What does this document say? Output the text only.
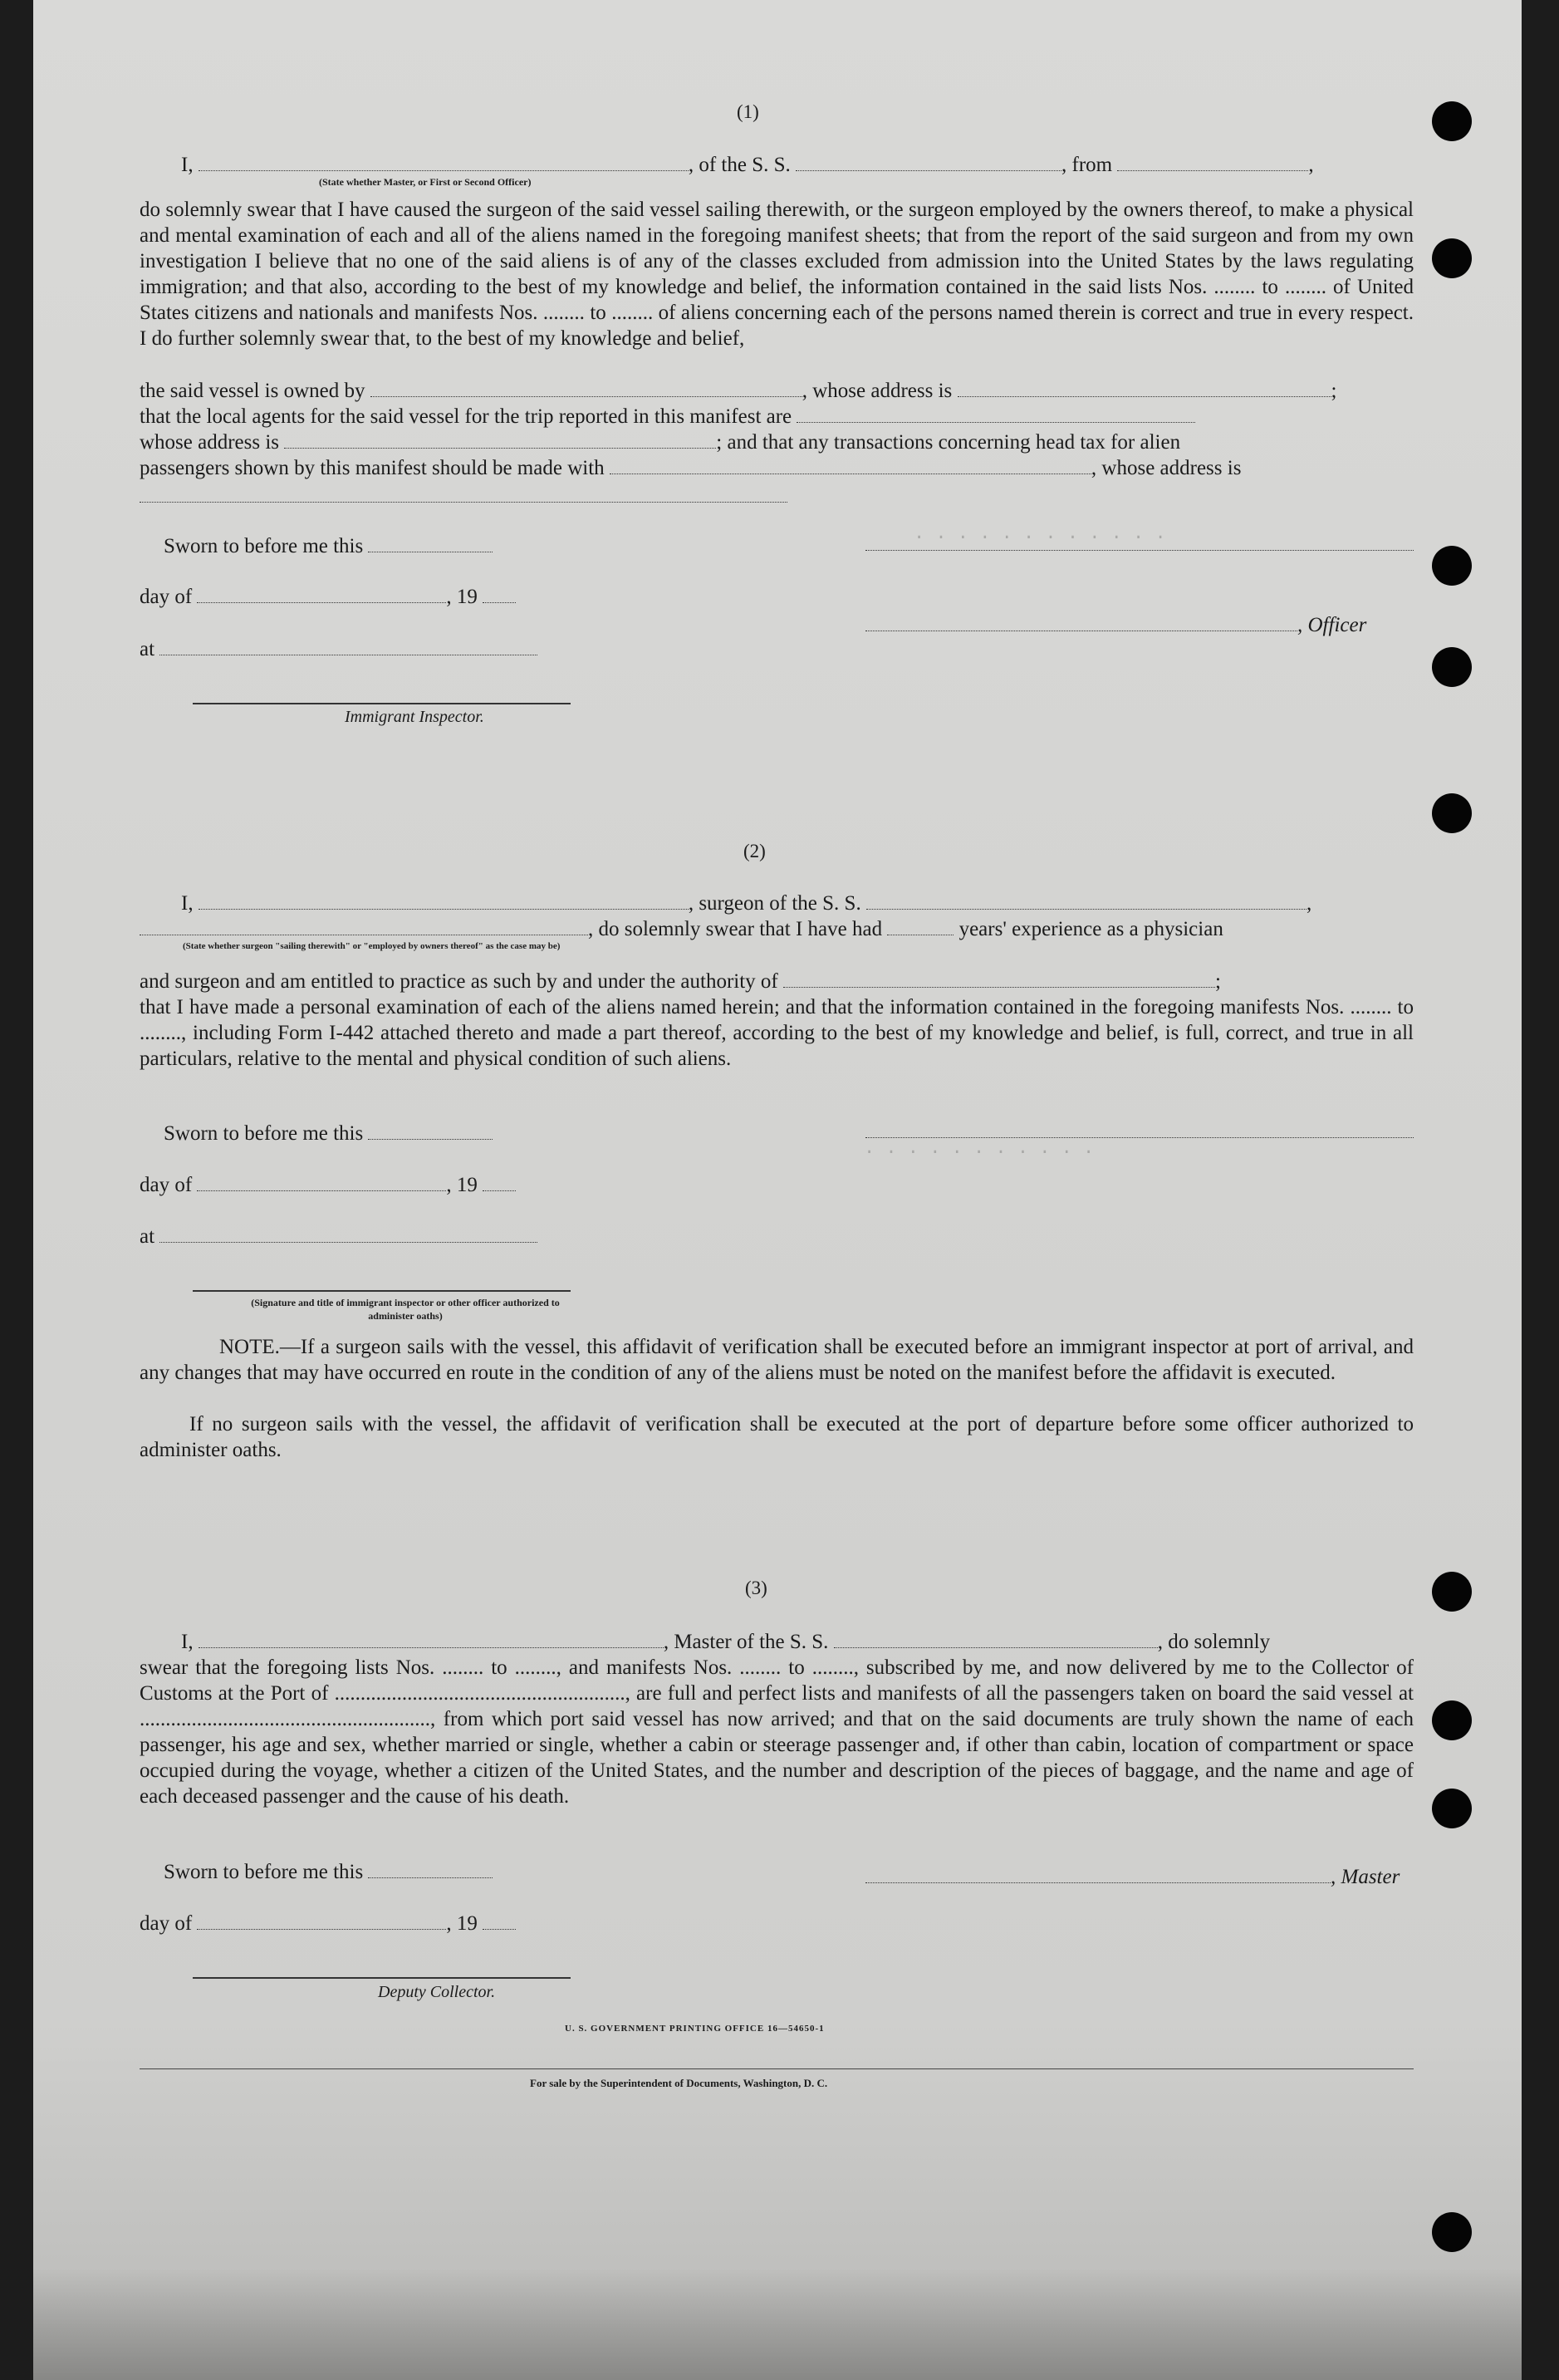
. . . . . . . . . . . .
. . . . . . . . . . .
(1)
I,	, of the S. S.	, from	,
(State whether Master, or First or Second Officer)
do solemnly swear that I have caused the surgeon of the said vessel sailing therewith, or the surgeon employed by the owners thereof, to make a physical and mental examination of each and all of the aliens named in the foregoing manifest sheets; that from the report of the said surgeon and from my own investigation I believe that no one of the said aliens is of any of the classes excluded from admission into the United States by the laws regulating immigration; and that also, according to the best of my knowledge and belief, the information contained in the said lists Nos. ........ to ........ of United States citizens and nationals and manifests Nos. ........ to ........ of aliens concerning each of the persons named therein is correct and true in every respect. I do further solemnly swear that, to the best of my knowledge and belief,
the said vessel is owned by	, whose address is	;
that the local agents for the said vessel for the trip reported in this manifest are
whose address is	; and that any transactions concerning head tax for alien
passengers shown by this manifest should be made with	, whose address is
Sworn to before me this
day of	, 19
, Officer
at
Immigrant Inspector.
(2)
I,	, surgeon of the S. S.	,
, do solemnly swear that I have had	years' experience as a physician
(State whether surgeon "sailing therewith" or "employed by owners thereof" as the case may be)
and surgeon and am entitled to practice as such by and under the authority of	;
that I have made a personal examination of each of the aliens named herein; and that the information contained in the foregoing manifests Nos. ........ to ........, including Form I-442 attached thereto and made a part thereof, according to the best of my knowledge and belief, is full, correct, and true in all particulars, relative to the mental and physical condition of such aliens.
Sworn to before me this
day of	, 19
at
(Signature and title of immigrant inspector or other officer authorized to administer oaths)
NOTE.—If a surgeon sails with the vessel, this affidavit of verification shall be executed before an immigrant inspector at port of arrival, and any changes that may have occurred en route in the condition of any of the aliens must be noted on the manifest before the affidavit is executed.
If no surgeon sails with the vessel, the affidavit of verification shall be executed at the port of departure before some officer authorized to administer oaths.
(3)
I,	, Master of the S. S.	, do solemnly
swear that the foregoing lists Nos. ........ to ........, and manifests Nos. ........ to ........, subscribed by me, and now delivered by me to the Collector of Customs at the Port of ........................................................, are full and perfect lists and manifests of all the passengers taken on board the said vessel at ........................................................, from which port said vessel has now arrived; and that on the said documents are truly shown the name of each passenger, his age and sex, whether married or single, whether a cabin or steerage passenger and, if other than cabin, location of compartment or space occupied during the voyage, whether a citizen of the United States, and the number and description of the pieces of baggage, and the name and age of each deceased passenger and the cause of his death.
Sworn to before me this	, Master
day of	, 19
Deputy Collector.
U. S. GOVERNMENT PRINTING OFFICE 16—54650-1
For sale by the Superintendent of Documents, Washington, D. C.
